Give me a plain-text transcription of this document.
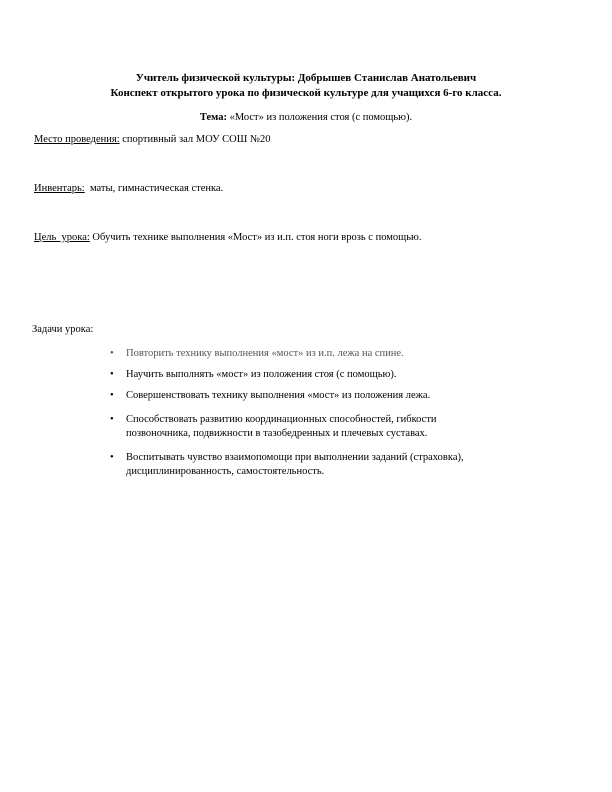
Учитель физической культуры: Добрышев Станислав Анатольевич
Конспект открытого урока по физической культуре для учащихся 6-го класса.
Тема: «Мост» из положения стоя (с помощью).
Место проведения: спортивный зал МОУ СОШ №20
Инвентарь:  маты, гимнастическая стенка.
Цель  урока: Обучить технике выполнения «Мост» из и.п. стоя ноги врозь с помощью.
Задачи урока:
• Повторить технику выполнения «мост» из и.п. лежа на спине.
• Научить выполнять «мост» из положения стоя (с помощью).
• Совершенствовать технику выполнения «мост» из положения лежа.
• Способствовать развитию координационных способностей, гибкости
позвоночника, подвижности в тазобедренных и плечевых суставах.
• Воспитывать чувство взаимопомощи при выполнении заданий (страховка),
дисциплинированность, самостоятельность.
